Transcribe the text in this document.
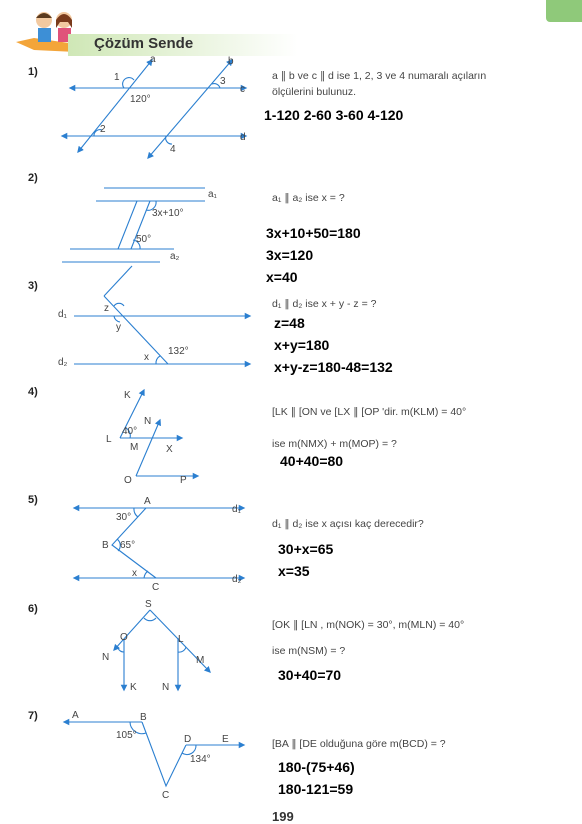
Çözüm Sende
a	b
c
d
1
2
3
4
120°
a₁
a₂
3x+10°
50°
d₁
d₂
z
y
x
132°
K
N
L
40°
M	X
O	P
A
d₁
30°
B 65°
x
C
d₂
S
O	L
N	M
K	N
A	B
105°	D	E
134°
C
1)
2)
3)
4)
5)
6)
7)
a ∥ b ve c ∥ d ise 1, 2, 3 ve 4 numaralı açıların
ölçülerini bulunuz.
1-120 2-60 3-60 4-120
a₁ ∥ a₂ ise x = ?
3x+10+50=180
3x=120
x=40
d₁ ∥ d₂ ise x + y - z = ?
z=48
x+y=180
x+y-z=180-48=132
[LK ∥ [ON ve [LX ∥ [OP 'dir. m(KLM) = 40°
ise m(NMX) + m(MOP) = ?
40+40=80
d₁ ∥ d₂ ise x açısı kaç derecedir?
30+x=65
x=35
[OK ∥ [LN , m(NOK) = 30°, m(MLN) = 40°
ise m(NSM) = ?
30+40=70
[BA ∥ [DE olduğuna göre m(BCD) = ?
180-(75+46)
180-121=59
199
